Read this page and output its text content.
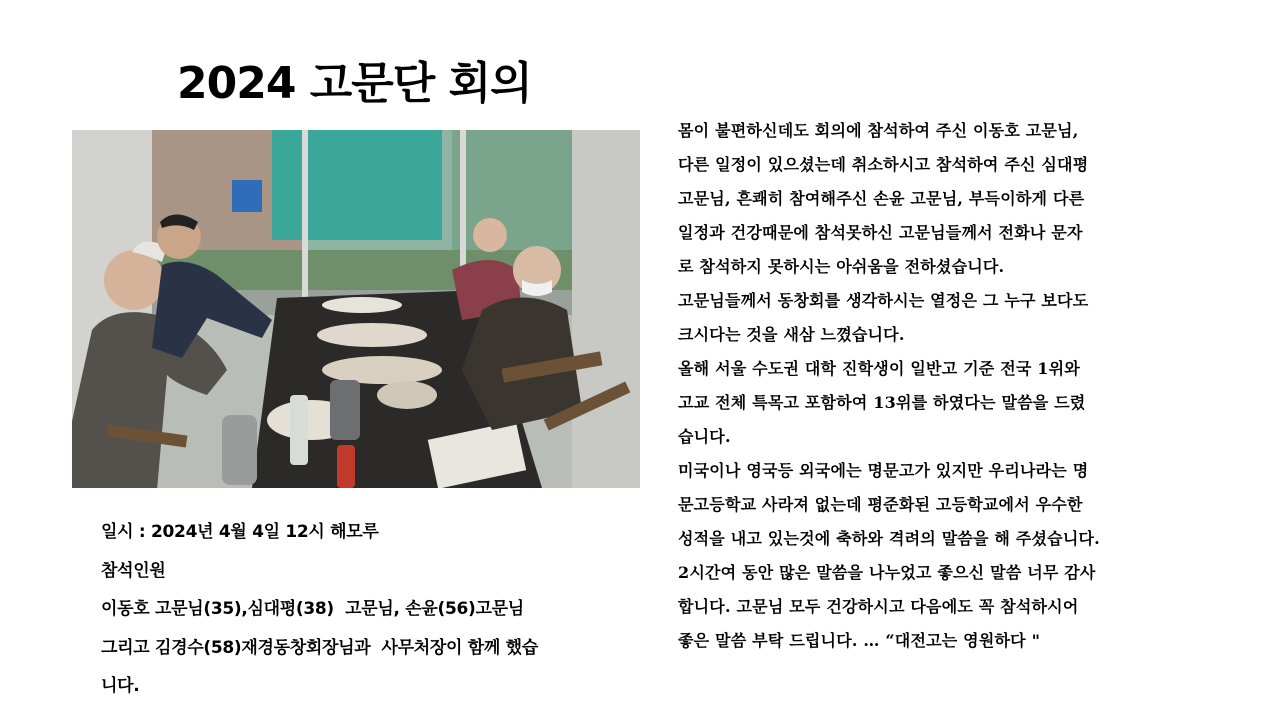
2024 고문단 회의

일시 : 2024년 4월 4일 12시 해모루

참석인원

이동호 고문님(35),심대평(38)  고문님, 손윤(56)고문님

그리고 김경수(58)재경동창회장님과  사무처장이 함께 했습

니다.

몸이 불편하신데도 회의에 참석하여 주신 이동호 고문님,

다른 일정이 있으셨는데 취소하시고 참석하여 주신 심대평

고문님, 흔쾌히 참여해주신 손윤 고문님, 부득이하게 다른

일정과 건강때문에 참석못하신 고문님들께서 전화나 문자

로 참석하지 못하시는 아쉬움을 전하셨습니다.

고문님들께서 동창회를 생각하시는 열정은 그 누구 보다도

크시다는 것을 새삼 느꼈습니다.

올해 서울 수도권 대학 진학생이 일반고 기준 전국 1위와

고교 전체 특목고 포함하여 13위를 하였다는 말씀을 드렸

습니다.

미국이나 영국등 외국에는 명문고가 있지만 우리나라는 명

문고등학교 사라져 없는데 평준화된 고등학교에서 우수한

성적을 내고 있는것에 축하와 격려의 말씀을 해 주셨습니다.

2시간여 동안 많은 말씀을 나누었고 좋으신 말씀 너무 감사

합니다. 고문님 모두 건강하시고 다음에도 꼭 참석하시어

좋은 말씀 부탁 드립니다. … “대전고는 영원하다 "
